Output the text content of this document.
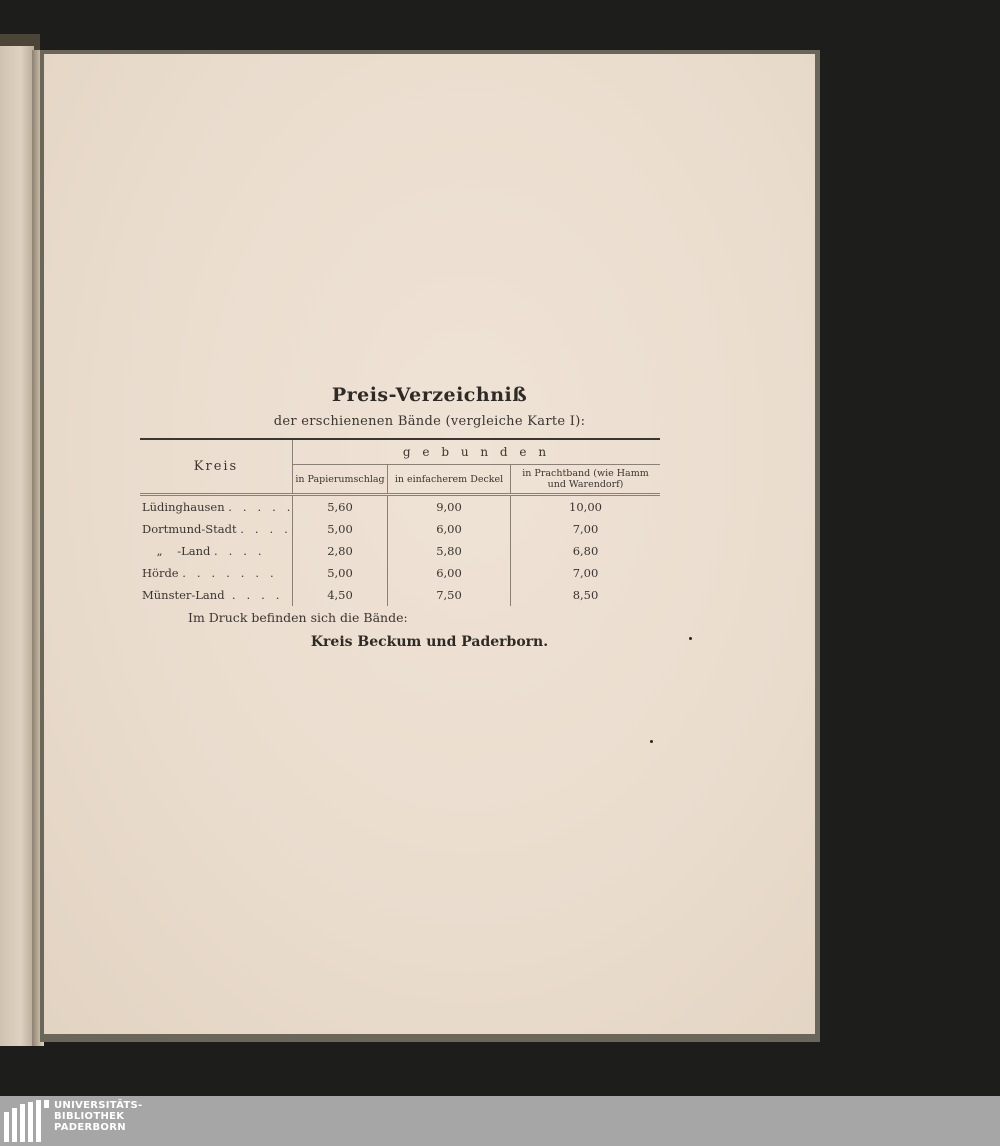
Preis-Verzeichniß
der erschienenen Bände (vergleiche Karte I):
Kreis	g e b u n d e n		
	in Papierumschlag	in einfacherem Deckel	in Prachtband (wie Hamm und Warendorf)

Lüdinghausen .   .   .   .   .	5,60	9,00	10,00
Dortmund-Stadt .   .   .   .	5,00	6,00	7,00
„    -Land .   .   .   .	2,80	5,80	6,80
Hörde .   .   .   .   .   .   .	5,00	6,00	7,00
Münster-Land  .   .   .   .	4,50	7,50	8,50
Im Druck befinden sich die Bände:
Kreis Beckum und Paderborn.
UNIVERSITÄTS-
BIBLIOTHEK
PADERBORN
